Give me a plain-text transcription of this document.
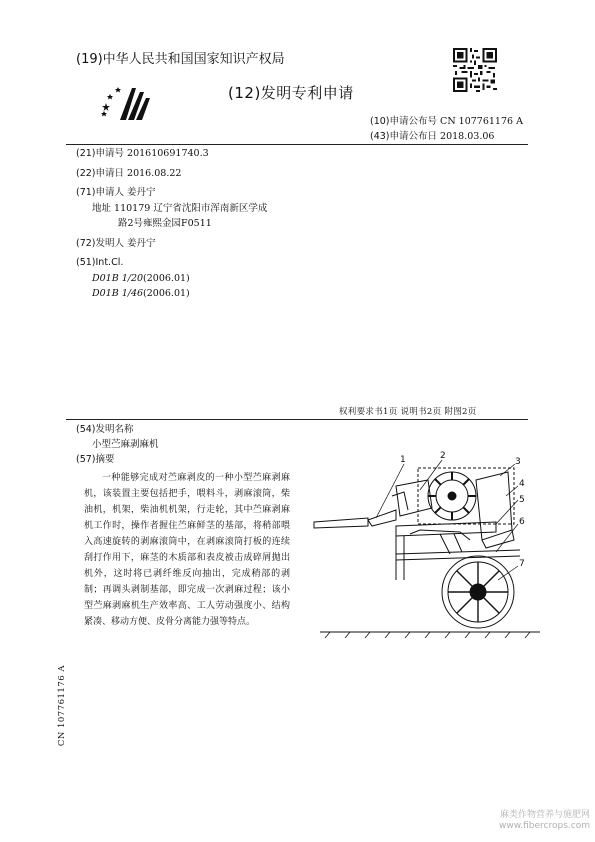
(19)中华人民共和国国家知识产权局
(12)发明专利申请
(10)申请公布号 CN 107761176 A
(43)申请公布日 2018.03.06
(21)申请号 201610691740.3
(22)申请日 2016.08.22
(71)申请人 姜丹宁
地址 110179 辽宁省沈阳市浑南新区学成
路2号雍熙金园F0511
(72)发明人 姜丹宁
(51)Int.Cl.
D01B 1/20(2006.01)
D01B 1/46(2006.01)
权利要求书1页 说明书2页 附图2页
(54)发明名称
小型苎麻剥麻机
(57)摘要
一种能够完成对苎麻剥皮的一种小型苎麻剥麻机，该装置主要包括把手，喂料斗，剥麻滚筒，柴油机，机架，柴油机机架，行走轮，其中苎麻剥麻机工作时，操作者握住苎麻鲜茎的基部，将稍部喂入高速旋转的剥麻滚筒中，在剥麻滚筒打板的连续刮打作用下，麻茎的木质部和表皮被击成碎屑抛出机外，这时将已剥纤维反向抽出，完成稍部的剥制；再调头剥制基部，即完成一次剥麻过程；该小型苎麻剥麻机生产效率高、工人劳动强度小、结构紧凑、移动方便、皮骨分离能力强等特点。
1	2
3
4
5
6
7
CN 107761176 A
麻类作物营养与施肥网
www.fibercrops.com
